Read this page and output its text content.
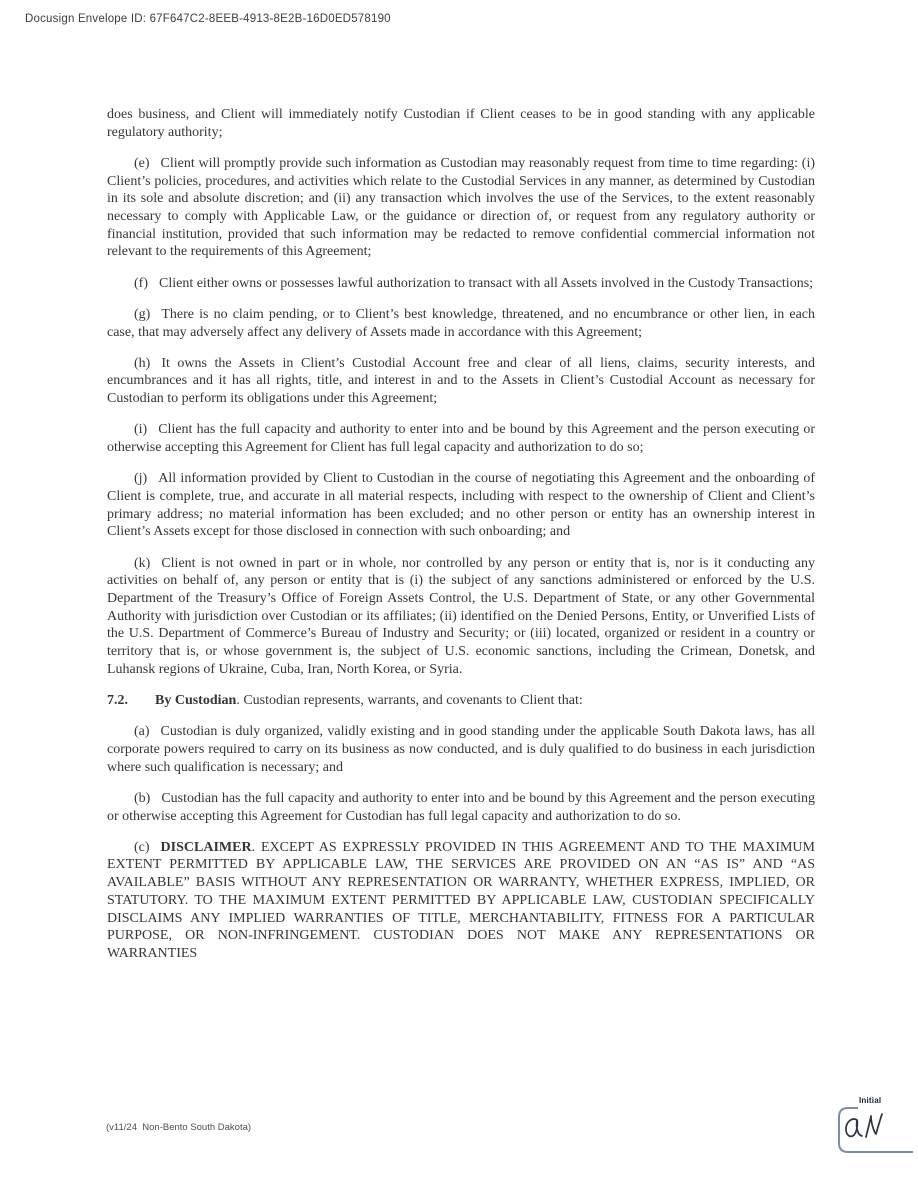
Docusign Envelope ID: 67F647C2-8EEB-4913-8E2B-16D0ED578190

does business, and Client will immediately notify Custodian if Client ceases to be in good standing with any applicable regulatory authority;

(e) Client will promptly provide such information as Custodian may reasonably request from time to time regarding: (i) Client’s policies, procedures, and activities which relate to the Custodial Services in any manner, as determined by Custodian in its sole and absolute discretion; and (ii) any transaction which involves the use of the Services, to the extent reasonably necessary to comply with Applicable Law, or the guidance or direction of, or request from any regulatory authority or financial institution, provided that such information may be redacted to remove confidential commercial information not relevant to the requirements of this Agreement;

(f) Client either owns or possesses lawful authorization to transact with all Assets involved in the Custody Transactions;

(g) There is no claim pending, or to Client’s best knowledge, threatened, and no encumbrance or other lien, in each case, that may adversely affect any delivery of Assets made in accordance with this Agreement;

(h) It owns the Assets in Client’s Custodial Account free and clear of all liens, claims, security interests, and encumbrances and it has all rights, title, and interest in and to the Assets in Client’s Custodial Account as necessary for Custodian to perform its obligations under this Agreement;

(i) Client has the full capacity and authority to enter into and be bound by this Agreement and the person executing or otherwise accepting this Agreement for Client has full legal capacity and authorization to do so;

(j) All information provided by Client to Custodian in the course of negotiating this Agreement and the onboarding of Client is complete, true, and accurate in all material respects, including with respect to the ownership of Client and Client’s primary address; no material information has been excluded; and no other person or entity has an ownership interest in Client’s Assets except for those disclosed in connection with such onboarding; and

(k) Client is not owned in part or in whole, nor controlled by any person or entity that is, nor is it conducting any activities on behalf of, any person or entity that is (i) the subject of any sanctions administered or enforced by the U.S. Department of the Treasury’s Office of Foreign Assets Control, the U.S. Department of State, or any other Governmental Authority with jurisdiction over Custodian or its affiliates; (ii) identified on the Denied Persons, Entity, or Unverified Lists of the U.S. Department of Commerce’s Bureau of Industry and Security; or (iii) located, organized or resident in a country or territory that is, or whose government is, the subject of U.S. economic sanctions, including the Crimean, Donetsk, and Luhansk regions of Ukraine, Cuba, Iran, North Korea, or Syria.

7.2. By Custodian. Custodian represents, warrants, and covenants to Client that:

(a) Custodian is duly organized, validly existing and in good standing under the applicable South Dakota laws, has all corporate powers required to carry on its business as now conducted, and is duly qualified to do business in each jurisdiction where such qualification is necessary; and

(b) Custodian has the full capacity and authority to enter into and be bound by this Agreement and the person executing or otherwise accepting this Agreement for Custodian has full legal capacity and authorization to do so.

(c) DISCLAIMER. EXCEPT AS EXPRESSLY PROVIDED IN THIS AGREEMENT AND TO THE MAXIMUM EXTENT PERMITTED BY APPLICABLE LAW, THE SERVICES ARE PROVIDED ON AN “AS IS” AND “AS AVAILABLE” BASIS WITHOUT ANY REPRESENTATION OR WARRANTY, WHETHER EXPRESS, IMPLIED, OR STATUTORY. TO THE MAXIMUM EXTENT PERMITTED BY APPLICABLE LAW, CUSTODIAN SPECIFICALLY DISCLAIMS ANY IMPLIED WARRANTIES OF TITLE, MERCHANTABILITY, FITNESS FOR A PARTICULAR PURPOSE, OR NON-INFRINGEMENT. CUSTODIAN DOES NOT MAKE ANY REPRESENTATIONS OR WARRANTIES

(v11/24  Non-Bento South Dakota)
Initial
